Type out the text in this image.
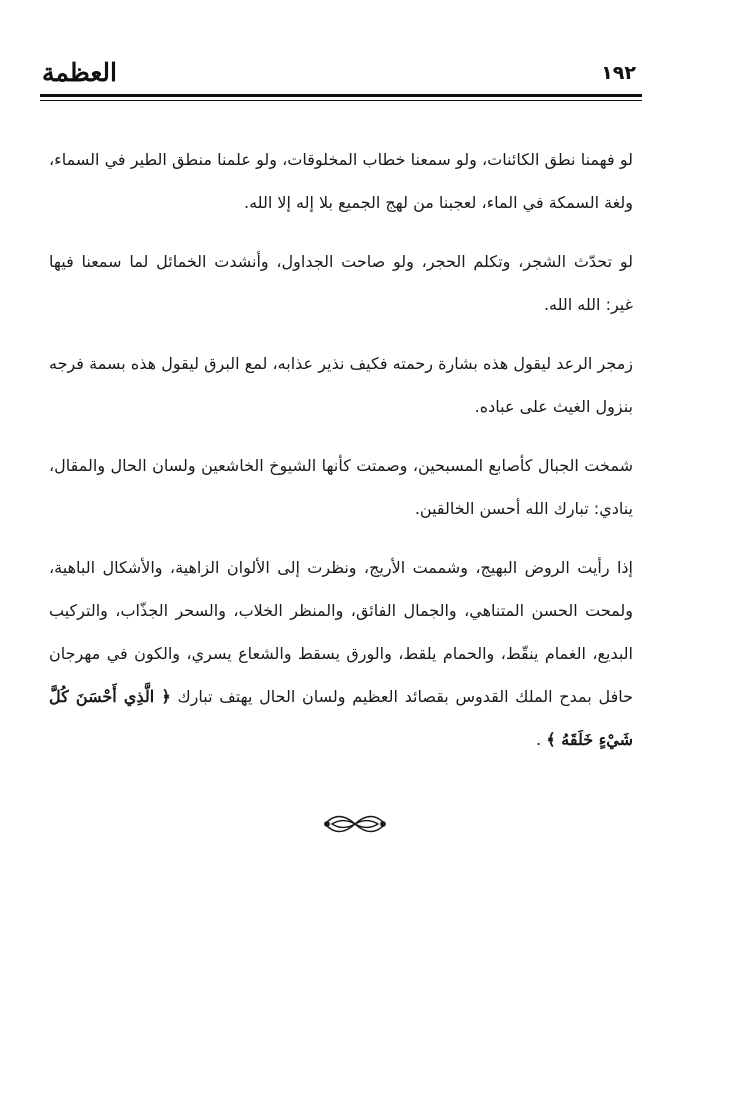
العظمة	١٩٢

لو فهمنا نطق الكائنات، ولو سمعنا خطاب المخلوقات، ولو علمنا منطق الطير في السماء، ولغة السمكة في الماء، لعجبنا من لهج الجميع بلا إله إلا الله.

لو تحدّث الشجر، وتكلم الحجر، ولو صاحت الجداول، وأنشدت الخمائل لما سمعنا فيها غير: الله الله.

زمجر الرعد ليقول هذه بشارة رحمته فكيف نذير عذابه، لمع البرق ليقول هذه بسمة فرجه بنزول الغيث على عباده.

شمخت الجبال كأصابع المسبحين، وصمتت كأنها الشيوخ الخاشعين ولسان الحال والمقال، ينادي: تبارك الله أحسن الخالقين.

إذا رأيت الروض البهيج، وشممت الأريج، ونظرت إلى الألوان الزاهية، والأشكال الباهية، ولمحت الحسن المتناهي، والجمال الفائق، والمنظر الخلاب، والسحر الجذّاب، والتركيب البديع، الغمام ينقّط، والحمام يلقط، والورق يسقط والشعاع يسري، والكون في مهرجان حافل بمدح الملك القدوس بقصائد العظيم ولسان الحال يهتف تبارك ﴿ الَّذِي أَحْسَنَ كُلَّ شَيْءٍ خَلَقَهُ ﴾ .
